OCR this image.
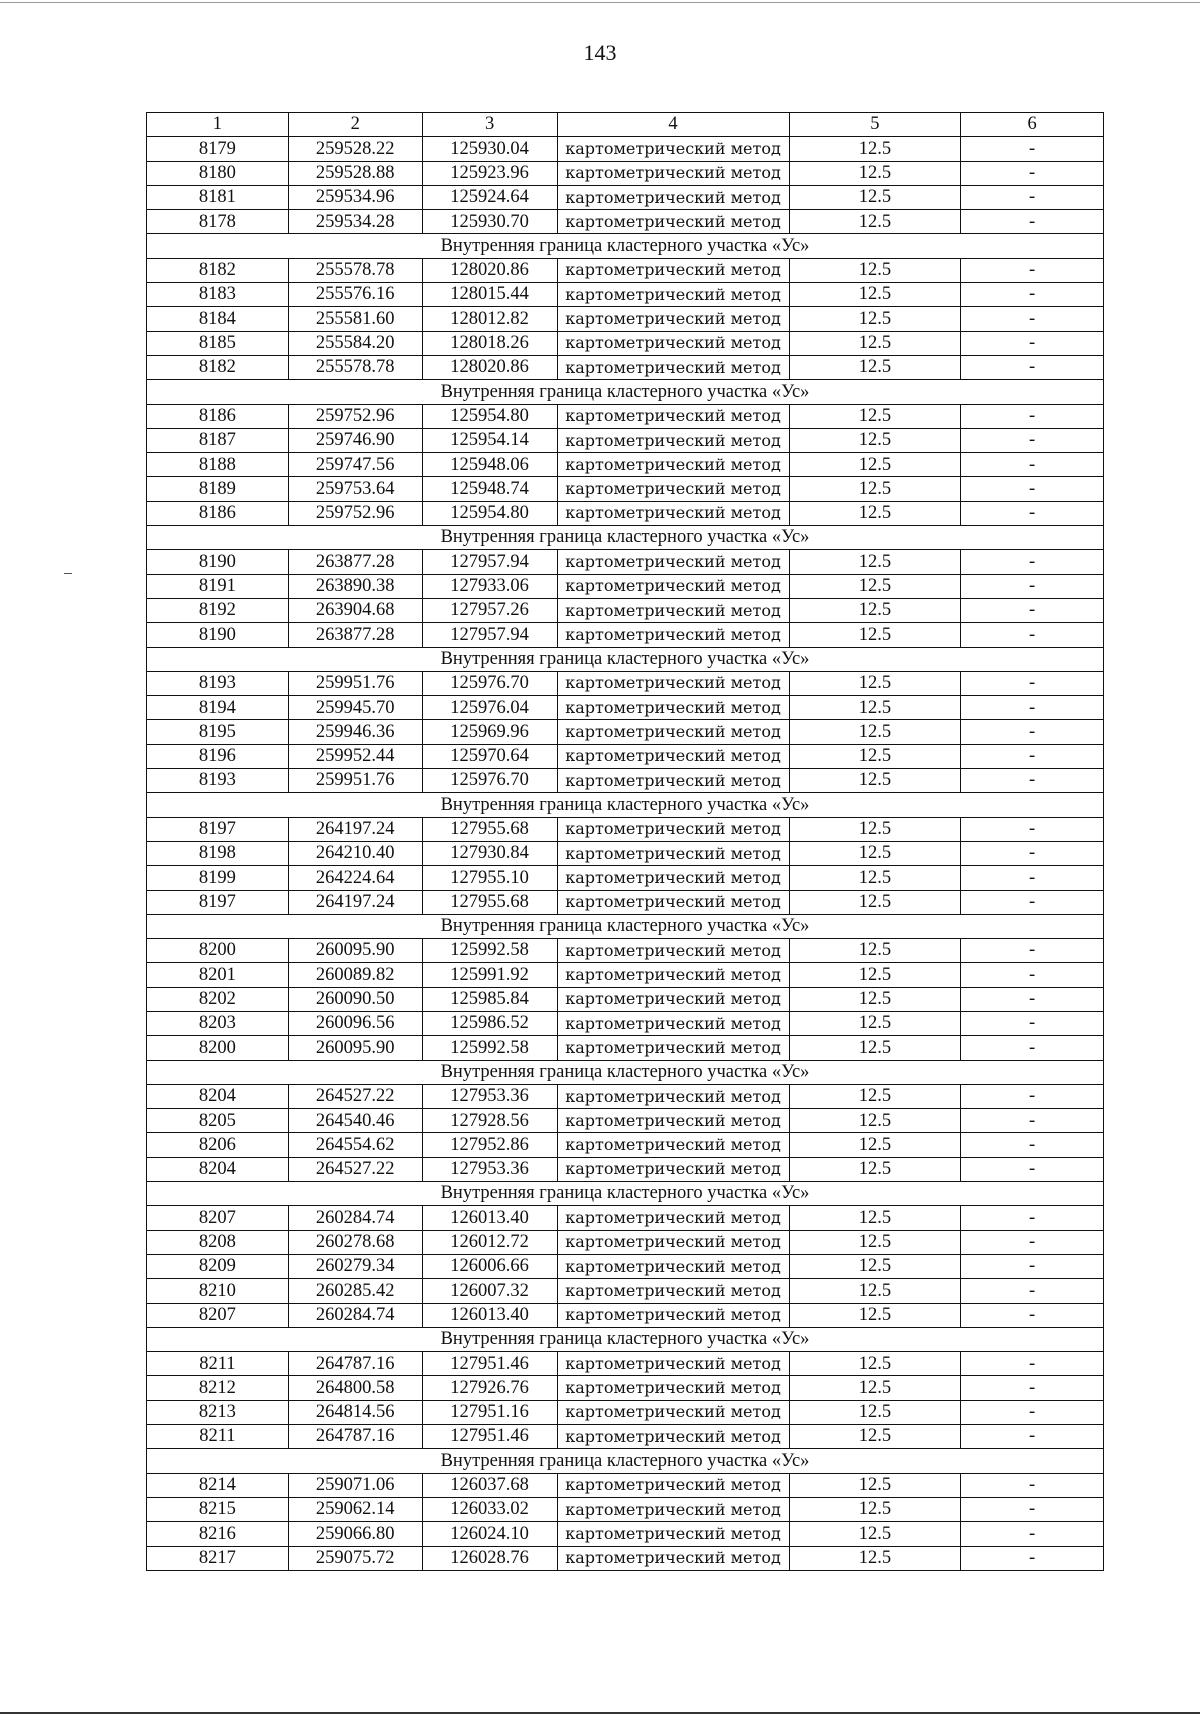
143
1	2	3	4	5	6
8179	259528.22	125930.04	картометрический метод	12.5	-
8180	259528.88	125923.96	картометрический метод	12.5	-
8181	259534.96	125924.64	картометрический метод	12.5	-
8178	259534.28	125930.70	картометрический метод	12.5	-
Внутренняя граница кластерного участка «Ус»					
8182	255578.78	128020.86	картометрический метод	12.5	-
8183	255576.16	128015.44	картометрический метод	12.5	-
8184	255581.60	128012.82	картометрический метод	12.5	-
8185	255584.20	128018.26	картометрический метод	12.5	-
8182	255578.78	128020.86	картометрический метод	12.5	-
Внутренняя граница кластерного участка «Ус»					
8186	259752.96	125954.80	картометрический метод	12.5	-
8187	259746.90	125954.14	картометрический метод	12.5	-
8188	259747.56	125948.06	картометрический метод	12.5	-
8189	259753.64	125948.74	картометрический метод	12.5	-
8186	259752.96	125954.80	картометрический метод	12.5	-
Внутренняя граница кластерного участка «Ус»					
8190	263877.28	127957.94	картометрический метод	12.5	-
8191	263890.38	127933.06	картометрический метод	12.5	-
8192	263904.68	127957.26	картометрический метод	12.5	-
8190	263877.28	127957.94	картометрический метод	12.5	-
Внутренняя граница кластерного участка «Ус»					
8193	259951.76	125976.70	картометрический метод	12.5	-
8194	259945.70	125976.04	картометрический метод	12.5	-
8195	259946.36	125969.96	картометрический метод	12.5	-
8196	259952.44	125970.64	картометрический метод	12.5	-
8193	259951.76	125976.70	картометрический метод	12.5	-
Внутренняя граница кластерного участка «Ус»					
8197	264197.24	127955.68	картометрический метод	12.5	-
8198	264210.40	127930.84	картометрический метод	12.5	-
8199	264224.64	127955.10	картометрический метод	12.5	-
8197	264197.24	127955.68	картометрический метод	12.5	-
Внутренняя граница кластерного участка «Ус»					
8200	260095.90	125992.58	картометрический метод	12.5	-
8201	260089.82	125991.92	картометрический метод	12.5	-
8202	260090.50	125985.84	картометрический метод	12.5	-
8203	260096.56	125986.52	картометрический метод	12.5	-
8200	260095.90	125992.58	картометрический метод	12.5	-
Внутренняя граница кластерного участка «Ус»					
8204	264527.22	127953.36	картометрический метод	12.5	-
8205	264540.46	127928.56	картометрический метод	12.5	-
8206	264554.62	127952.86	картометрический метод	12.5	-
8204	264527.22	127953.36	картометрический метод	12.5	-
Внутренняя граница кластерного участка «Ус»					
8207	260284.74	126013.40	картометрический метод	12.5	-
8208	260278.68	126012.72	картометрический метод	12.5	-
8209	260279.34	126006.66	картометрический метод	12.5	-
8210	260285.42	126007.32	картометрический метод	12.5	-
8207	260284.74	126013.40	картометрический метод	12.5	-
Внутренняя граница кластерного участка «Ус»					
8211	264787.16	127951.46	картометрический метод	12.5	-
8212	264800.58	127926.76	картометрический метод	12.5	-
8213	264814.56	127951.16	картометрический метод	12.5	-
8211	264787.16	127951.46	картометрический метод	12.5	-
Внутренняя граница кластерного участка «Ус»					
8214	259071.06	126037.68	картометрический метод	12.5	-
8215	259062.14	126033.02	картометрический метод	12.5	-
8216	259066.80	126024.10	картометрический метод	12.5	-
8217	259075.72	126028.76	картометрический метод	12.5	-
